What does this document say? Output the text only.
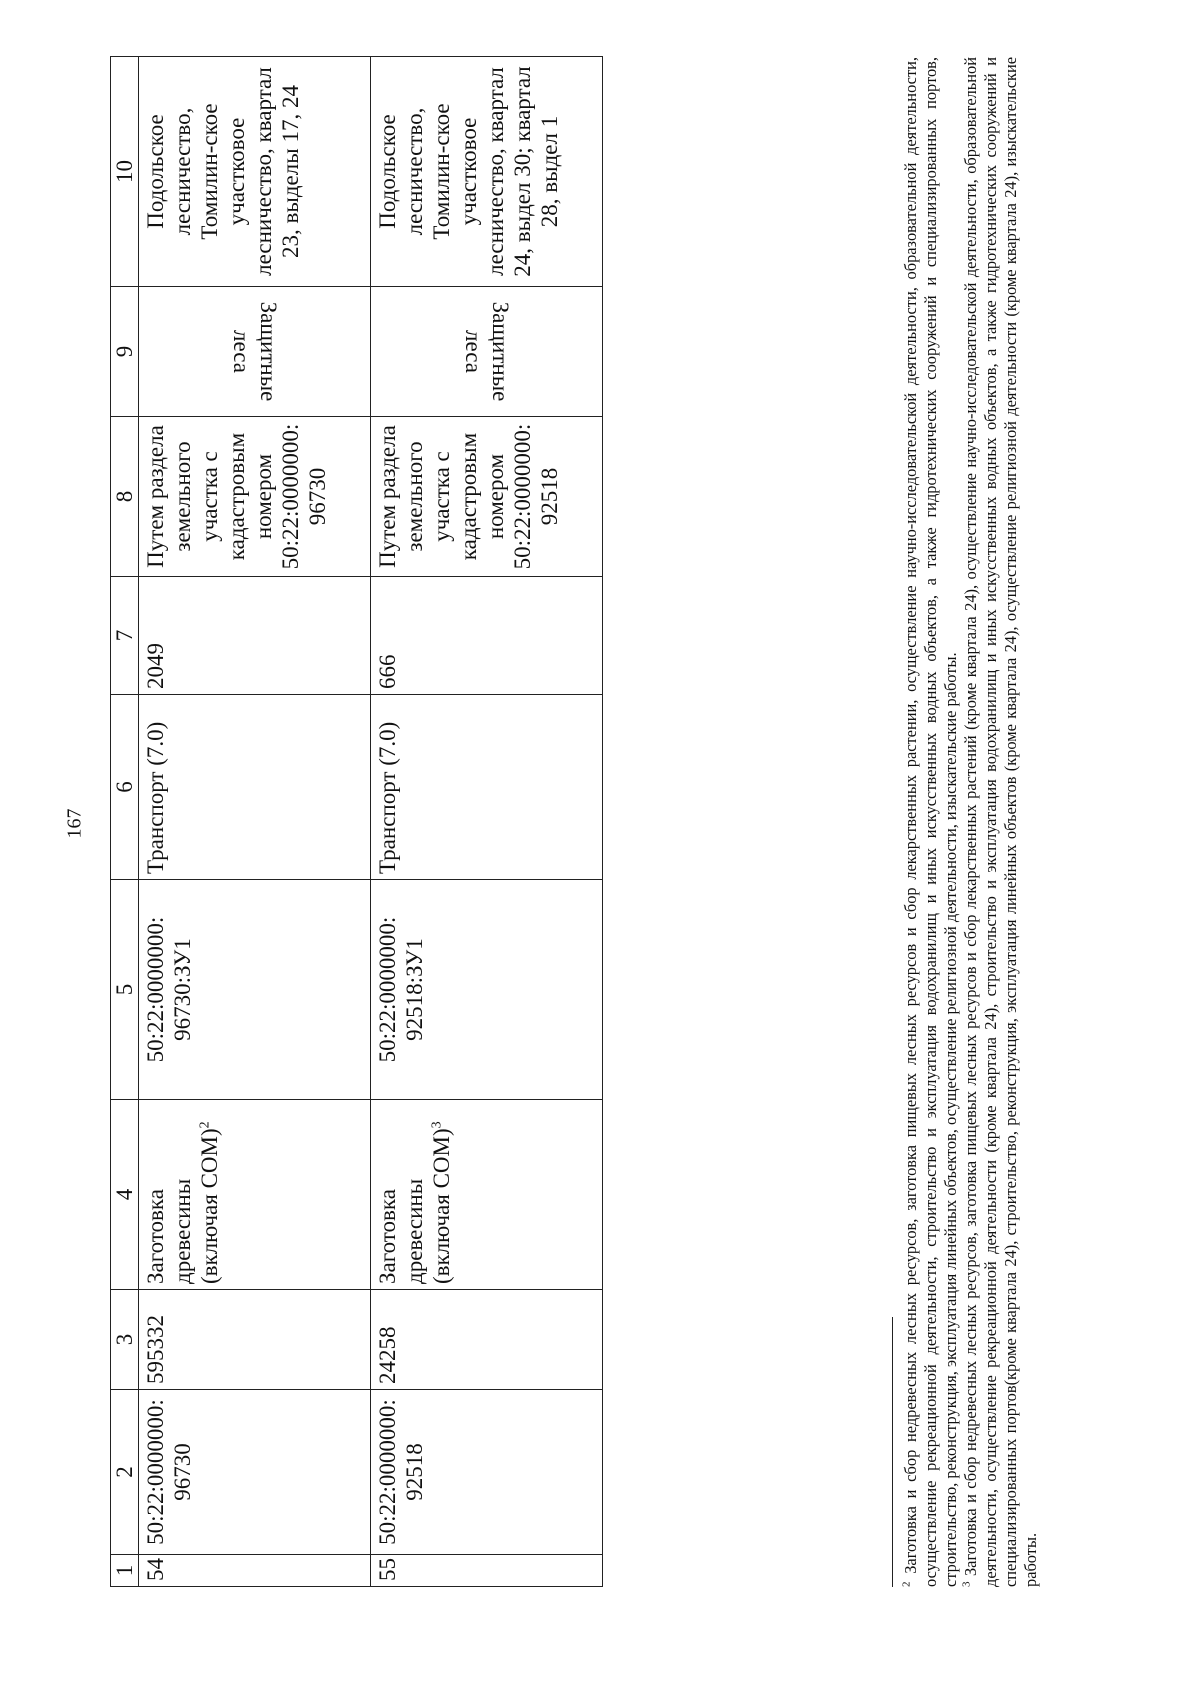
167
1	2	3	4	5	6	7	8	9	10
54	50:22:0000000: 96730	595332	Заготовка древесины (включая СОМ)$^2$	50:22:0000000: 96730:ЗУ1	Транспорт (7.0)	2049	Путем раздела земельного участка с кадастровым номером 50:22:0000000: 96730	Защитные леса	Подольское лесничество, Томилин-ское участковое лесничество, квартал 23, выделы 17, 24
55	50:22:0000000: 92518	24258	Заготовка древесины (включая СОМ)$^3$	50:22:0000000: 92518:ЗУ1	Транспорт (7.0)	666	Путем раздела земельного участка с кадастровым номером 50:22:0000000: 92518	Защитные леса	Подольское лесничество, Томилин-ское участковое лесничество, квартал 24, выдел 30; квартал 28, выдел 1

$^2$ Заготовка и сбор недревесных лесных ресурсов, заготовка пищевых лесных ресурсов и сбор лекарственных растении, осуществление научно-исследовательской деятельности, образовательной деятельности, осуществление рекреационной деятельности, строительство и эксплуатация водохранилищ и иных искусственных водных объектов, а также гидротехнических сооружений и специализированных портов, строительство, реконструкция, эксплуатация линейных объектов, осуществление религиозной деятельности, изыскательские работы. $^3$ Заготовка и сбор недревесных лесных ресурсов, заготовка пищевых лесных ресурсов и сбор лекарственных растений (кроме квартала 24), осуществление научно-исследовательской деятельности, образовательной деятельности, осуществление рекреационной деятельности (кроме квартала 24), строительство и эксплуатация водохранилищ и иных искусственных водных объектов, а также гидротехнических сооружений и специализированных портов(кроме квартала 24), строительство, реконструкция, эксплуатация линейных объектов (кроме квартала 24), осуществление религиозной деятельности (кроме квартала 24), изыскательские работы.
